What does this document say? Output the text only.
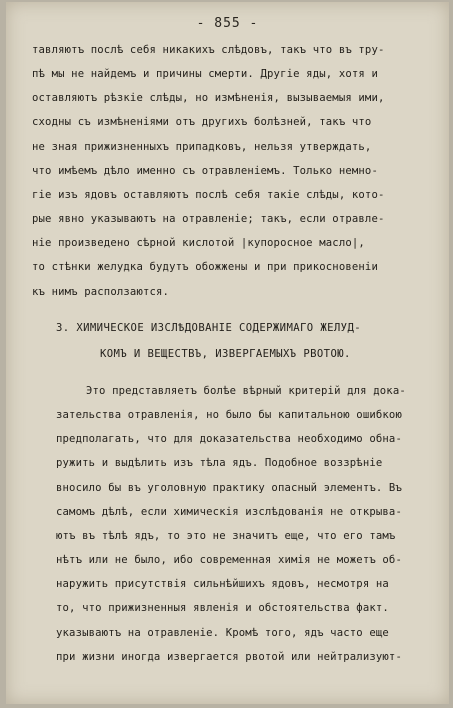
- 855 -
тавляютъ послѣ себя никакихъ слѣдовъ, такъ что въ тру-
пѣ мы не найдемъ и причины смерти. Другіе яды, хотя и
оставляютъ рѣзкіе слѣды, но измѣненія, вызываемыя ими,
сходны съ измѣненіями отъ другихъ болѣзней, такъ что
не зная прижизненныхъ припадковъ, нельзя утверждать,
что имѣемъ дѣло именно съ отравленіемъ. Только немно-
гіе изъ ядовъ оставляютъ послѣ себя такіе слѣды, кото-
рые явно указываютъ на отравленіе; такъ, если отравле-
ніе произведено сѣрной кислотой |купоросное масло|,
то стѣнки желудка будутъ обожжены и при прикосновеніи
къ нимъ расползаются.
3. ХИМИЧЕСКОЕ ИЗСЛѢДОВАНІЕ СОДЕРЖИМАГО ЖЕЛУД-
КОМЪ И ВЕЩЕСТВЪ, ИЗВЕРГАЕМЫХЪ РВОТОЮ.
Это представляетъ болѣе вѣрный критерій для дока-
зательства отравленія, но было бы капитальною ошибкою
предполагать, что для доказательства необходимо обна-
ружить и выдѣлить изъ тѣла ядъ. Подобное воззрѣніе
вносило бы въ уголовную практику опасный элементъ. Въ
самомъ дѣлѣ, если химическія изслѣдованія не открыва-
ютъ въ тѣлѣ ядъ, то это не значитъ еще, что его тамъ
нѣтъ или не было, ибо современная химія не можетъ об-
наружить присутствія сильнѣйшихъ ядовъ, несмотря на
то, что прижизненныя явленія и обстоятельства факт.
указываютъ на отравленіе. Кромѣ того, ядъ часто еще
при жизни иногда извергается рвотой или нейтрализуют-
